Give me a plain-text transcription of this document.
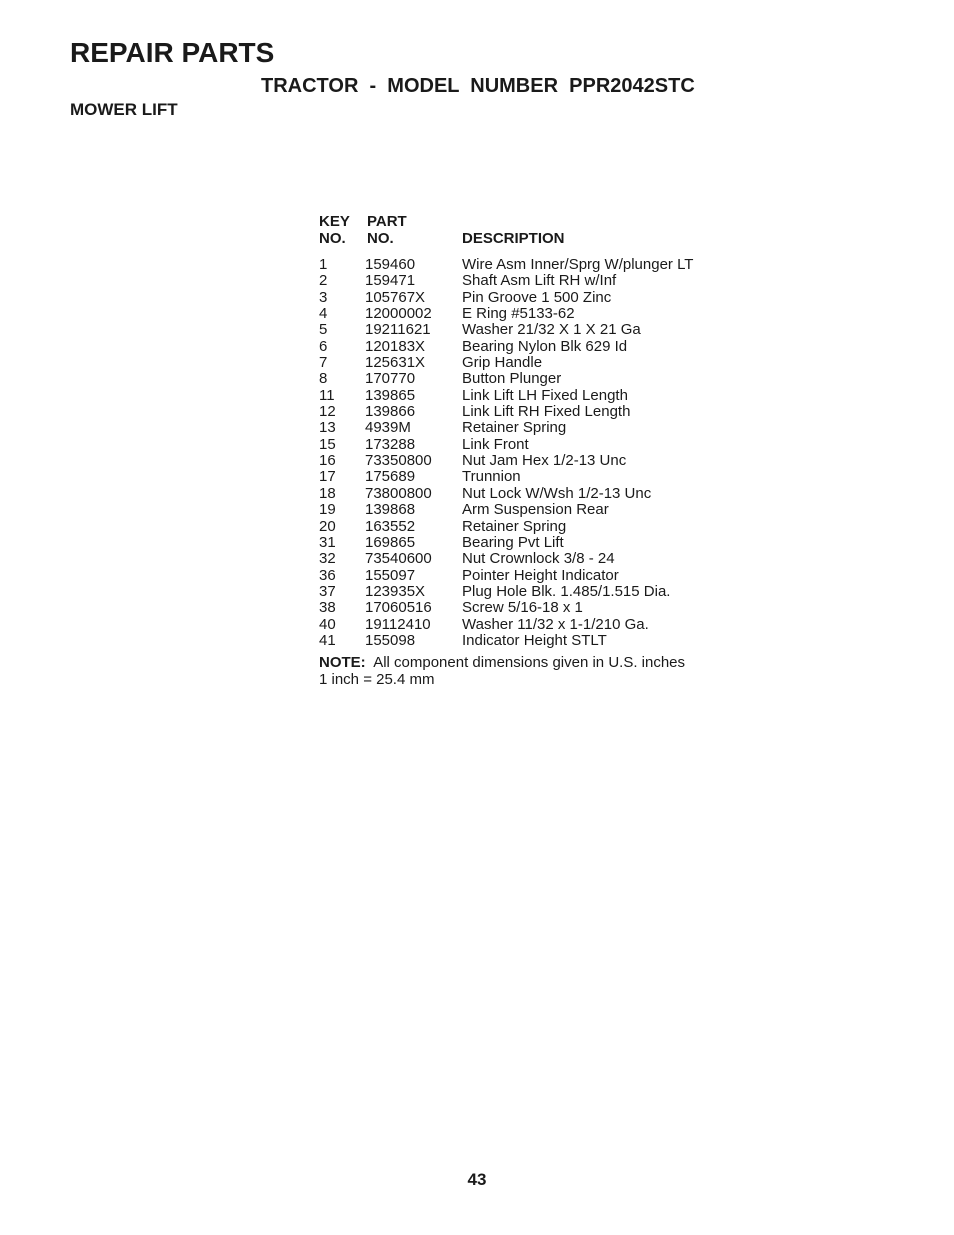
REPAIR PARTS
TRACTOR  -  MODEL  NUMBER  PPR2042STC
MOWER LIFT
KEY
NO.
PART
NO.	DESCRIPTION
1	159460	Wire Asm Inner/Sprg W/plunger LT
2	159471	Shaft Asm Lift RH w/Inf
3	105767X Pin Groove 1 500 Zinc
4	12000002 E Ring #5133-62
5	19211621 Washer 21/32 X 1 X 21 Ga
6	120183X Bearing Nylon Blk 629 Id
7	125631X Grip Handle
8	170770	Button Plunger
11 139865	Link Lift LH Fixed Length
12 139866	Link Lift RH Fixed Length
13 4939M	Retainer Spring
15 173288	Link Front
16 73350800 Nut Jam Hex 1/2-13 Unc
17 175689	Trunnion
18 73800800 Nut Lock W/Wsh 1/2-13 Unc
19 139868	Arm Suspension Rear
20 163552	Retainer Spring
31 169865	Bearing Pvt Lift
32 73540600 Nut Crownlock 3/8 - 24
36 155097	Pointer Height Indicator
37 123935X Plug Hole Blk. 1.485/1.515 Dia.
38 17060516 Screw 5/16-18 x 1
40 19112410 Washer 11/32 x 1-1/210 Ga.
41 155098	Indicator Height STLT
NOTE: All component dimensions given in U.S. inches
1 inch = 25.4 mm
43
